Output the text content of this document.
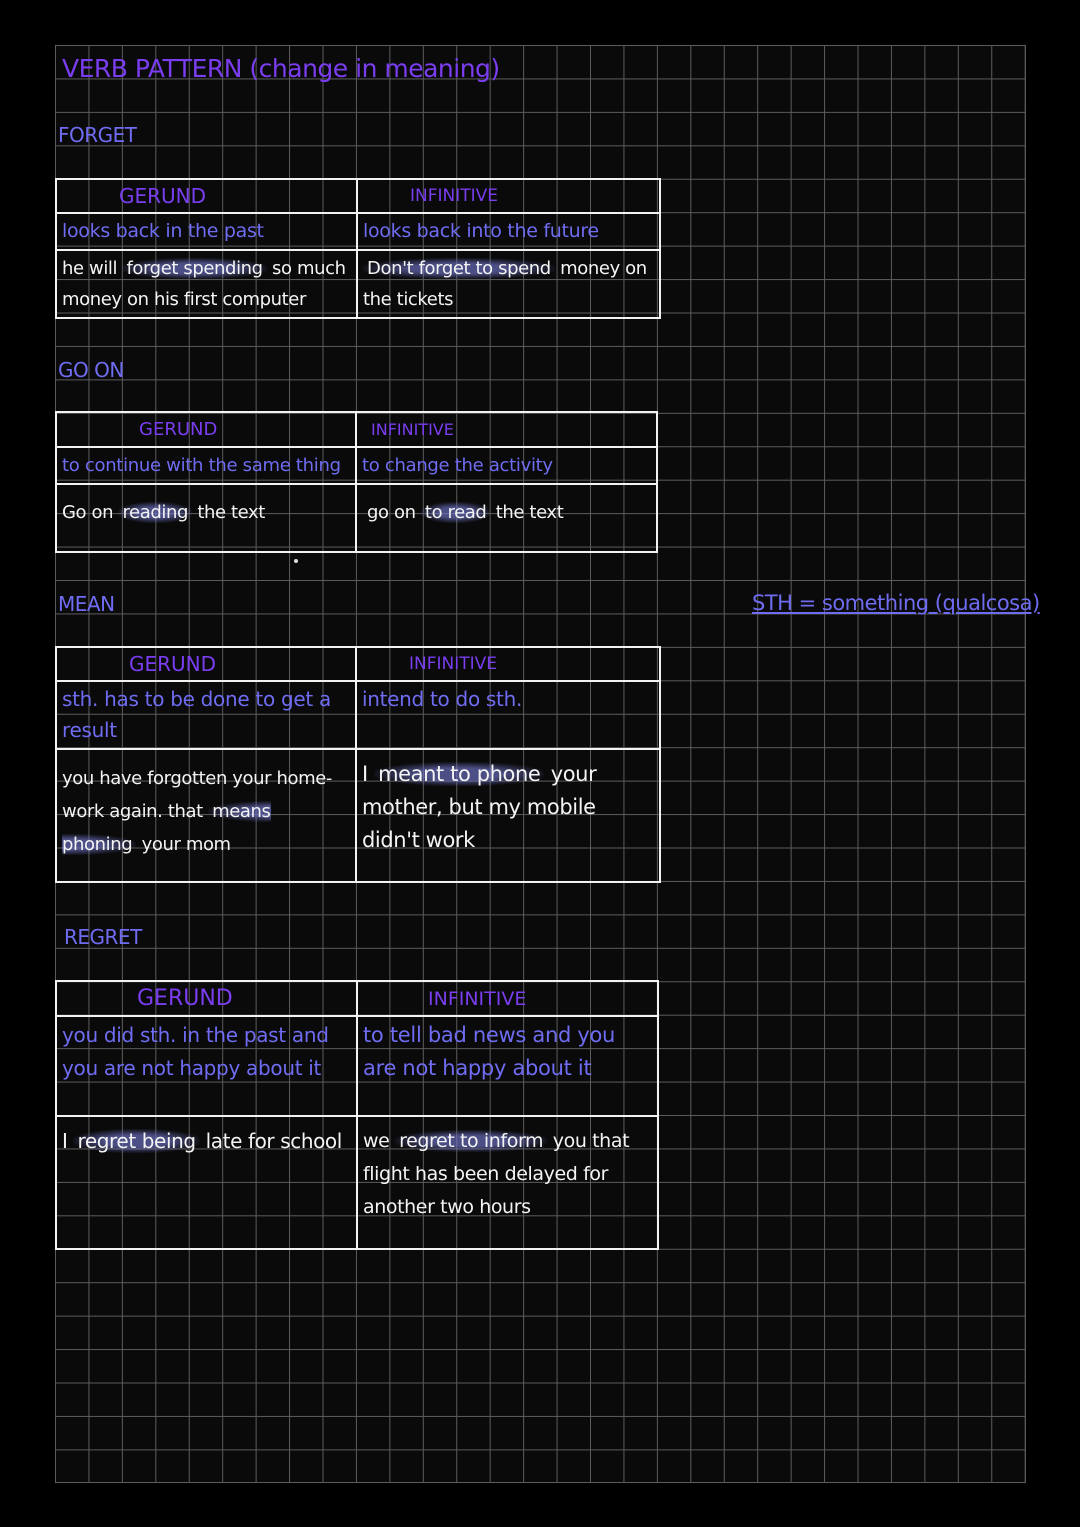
VERB PATTERN (change in meaning)
STH = something (qualcosa)
FORGET
GERUND	INFINITIVE
looks back in the past	looks back into the future
he will forget spending so much money on his first computer	Don't forget to spend money on the tickets
GO ON
GERUND	INFINITIVE
to continue with the same thing	to change the activity
Go on reading the text	go on to read the text
MEAN
GERUND	INFINITIVE
sth. has to be done to get a result	intend to do sth.
you have forgotten your home-work again. that means phoning your mom	I meant to phone your mother, but my mobile didn't work
REGRET
GERUND	INFINITIVE
you did sth. in the past and you are not happy about it	to tell bad news and you are not happy about it
I regret being late for school	we regret to inform you that flight has been delayed for another two hours
